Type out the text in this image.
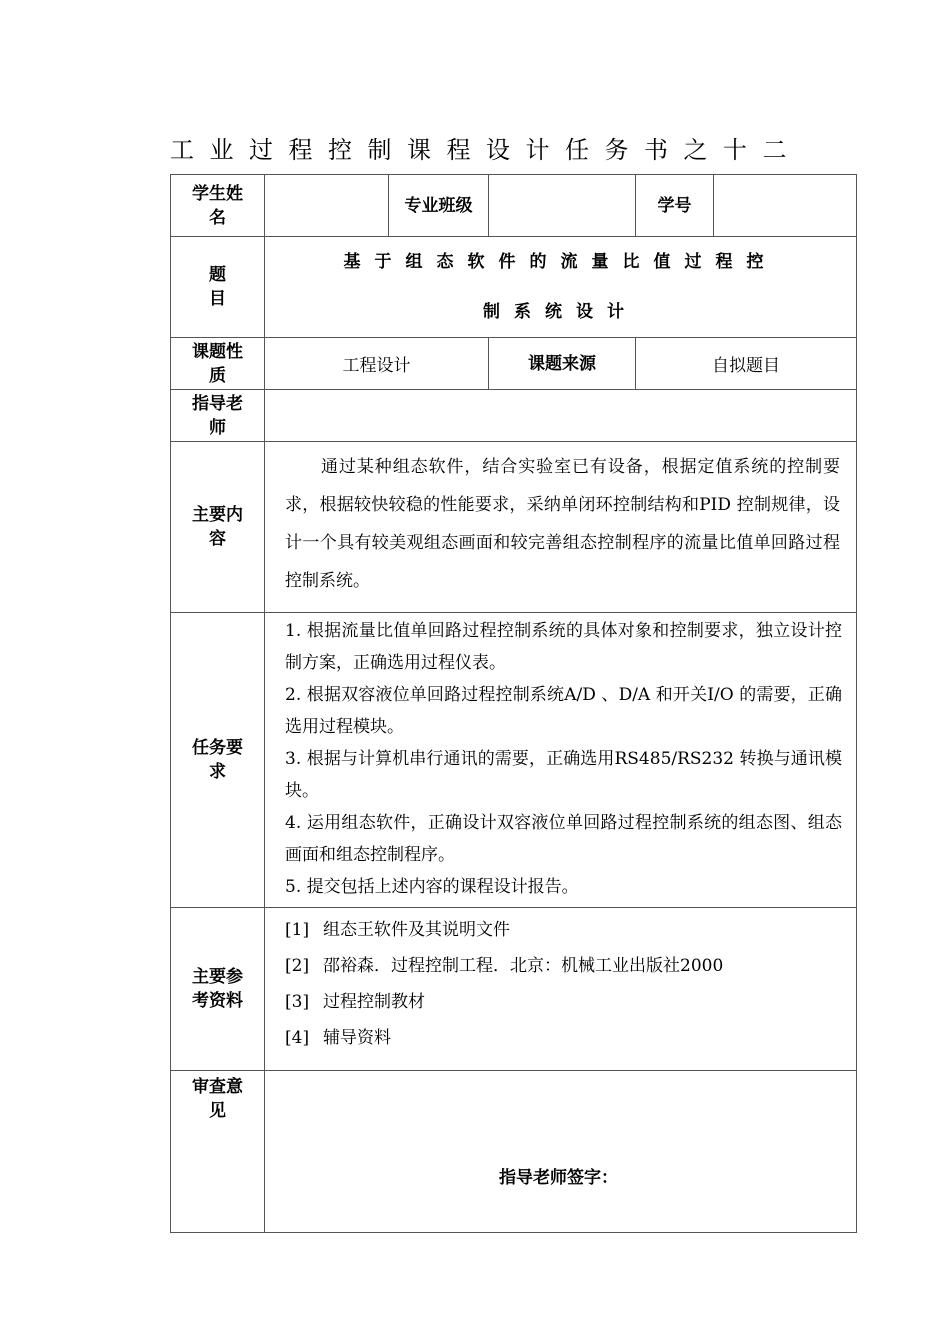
工业过程控制课程设计任务书之十二
学生姓名		专业班级		学号	
题目	基于组态软件的流量比值过程控
制系统设计				

课题性质	工程设计		课题来源	自拟题目	
指导老师					
主要内容	通过某种组态软件，结合实验室已有设备，根据定值系统的控制要求，根据较快较稳的性能要求，采纳单闭环控制结构和PID 控制规律，设计一个具有较美观组态画面和较完善组态控制程序的流量比值单回路过程控制系统。				

任务要求	1. 根据流量比值单回路过程控制系统的具体对象和控制要求，独立设计控制方案，正确选用过程仪表。
2. 根据双容液位单回路过程控制系统A/D 、D/A 和开关I/O 的需要，正确选用过程模块。
3. 根据与计算机串行通讯的需要，正确选用RS485/RS232 转换与通讯模块。
4. 运用组态软件，正确设计双容液位单回路过程控制系统的组态图、组态画面和组态控制程序。
5. 提交包括上述内容的课程设计报告。				

主要参考资料	[1] 组态王软件及其说明文件
[2] 邵裕森．过程控制工程．北京：机械工业出版社2000
[3] 过程控制教材
[4] 辅导资料				

审查意见	指导老师签字：				
